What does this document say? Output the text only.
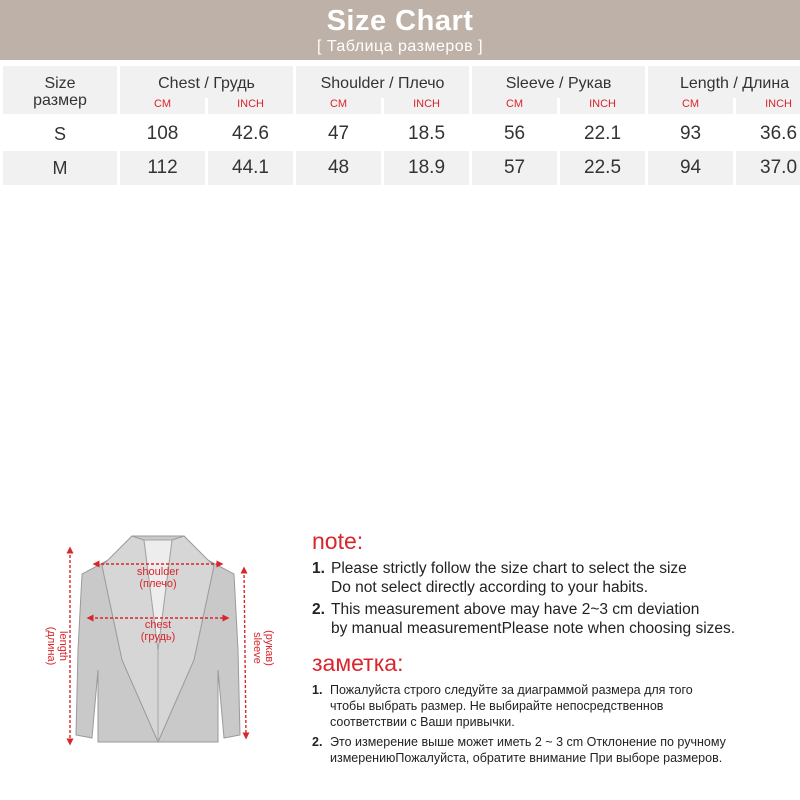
Size Chart
[ Таблица размеров ]
Size
размер	Chest / Грудь		Shoulder / Плечо		Sleeve / Рукав		Length / Длина	
	CM	INCH	CM	INCH	CM	INCH	CM	INCH

S	108	42.6	47	18.5	56	22.1	93	36.6
M	112	44.1	48	18.9	57	22.5	94	37.0
shoulder
(плечо)
chest
(грудь)
length
(длина)	sleeve (рукав)
note:
1. Please strictly follow the size chart to select the size
Do not select directly according to your habits.
2. This measurement above may have 2~3 cm deviation
by manual measurementPlease note when choosing sizes.
заметка:
1. Пожалуйста строго следуйте за диаграммой размера для того
чтобы выбрать размер. Не выбирайте непосредственнов
соответствии с Ваши привычки.
2. Это измерение выше может иметь 2 ~ 3 cm Отклонение по ручному
измерениюПожалуйста, обратите внимание При выборе размеров.
